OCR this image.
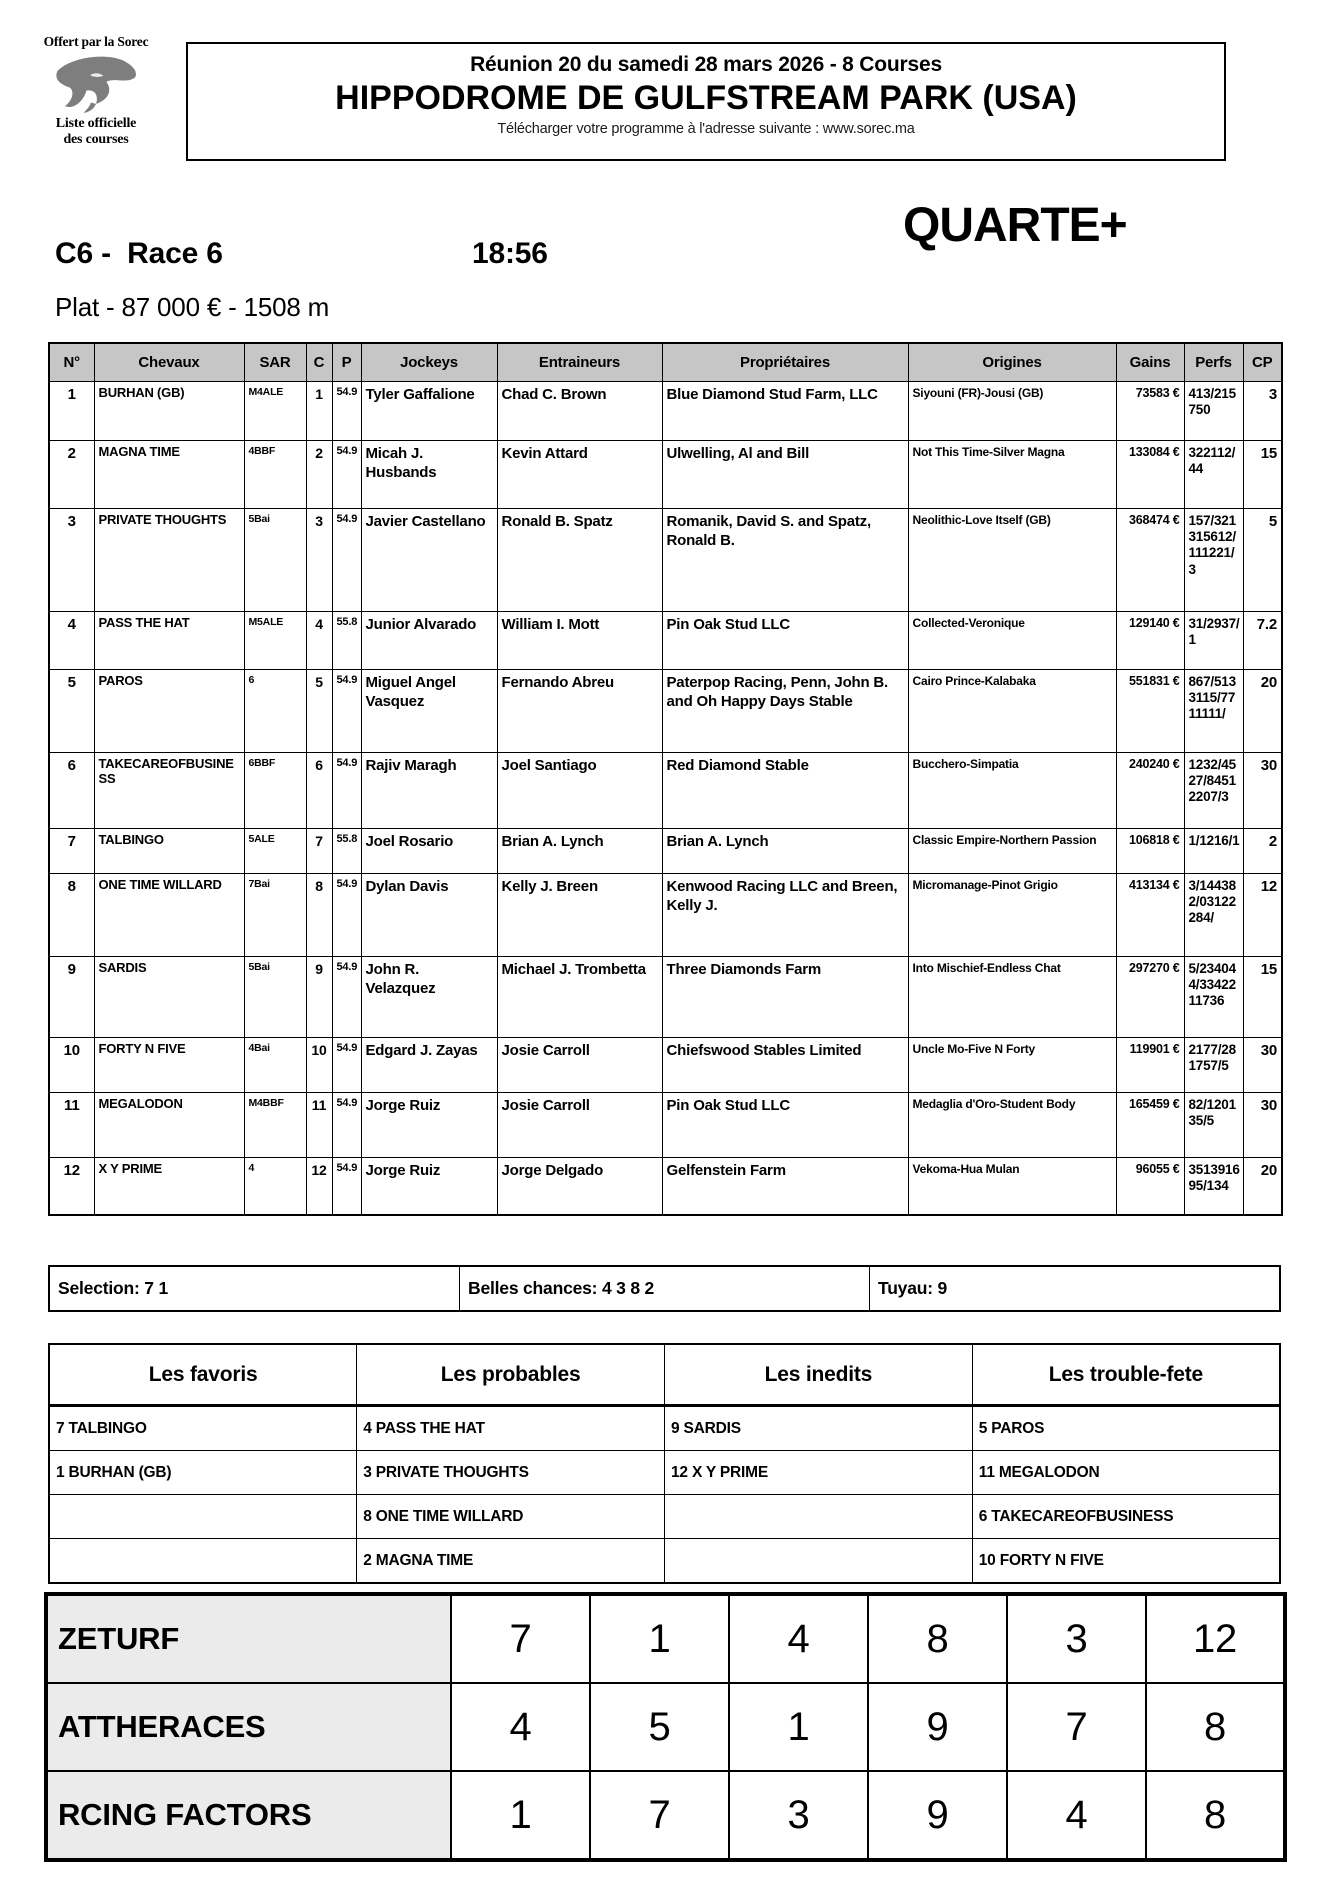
Offert par la Sorec
Liste officielle
des courses
Réunion 20 du samedi 28 mars 2026 - 8 Courses
HIPPODROME DE GULFSTREAM PARK (USA)
Télécharger votre programme à l'adresse suivante : www.sorec.ma
QUARTE+
C6 -  Race 6	18:56
Plat - 87 000 € - 1508 m
N°	Chevaux	SAR	C	P	Jockeys	Entraineurs	Propriétaires	Origines	Gains	Perfs	CP
1	BURHAN (GB)	M4ALE	1	54.9	Tyler Gaffalione	Chad C. Brown	Blue Diamond Stud Farm, LLC	Siyouni (FR)-Jousi (GB)	73583 €	413/215 750	3
2	MAGNA TIME	4BBF	2	54.9	Micah J. Husbands	Kevin Attard	Ulwelling, Al and Bill	Not This Time-Silver Magna	133084 €	322112/ 44	15
3	PRIVATE THOUGHTS	5Bai	3	54.9	Javier Castellano	Ronald B. Spatz	Romanik, David S. and Spatz, Ronald B.	Neolithic-Love Itself (GB)	368474 €	157/321 315612/ 111221/ 3	5
4	PASS THE HAT	M5ALE	4	55.8	Junior Alvarado	William I. Mott	Pin Oak Stud LLC	Collected-Veronique	129140 €	31/2937/ 1	7.2
5	PAROS	6	5	54.9	Miguel Angel Vasquez	Fernando Abreu	Paterpop Racing, Penn, John B. and Oh Happy Days Stable	Cairo Prince-Kalabaka	551831 €	867/513 3115/77 11111/	20
6	TAKECAREOFBUSINESS	6BBF	6	54.9	Rajiv Maragh	Joel Santiago	Red Diamond Stable	Bucchero-Simpatia	240240 €	1232/45 27/8451 2207/3	30
7	TALBINGO	5ALE	7	55.8	Joel Rosario	Brian A. Lynch	Brian A. Lynch	Classic Empire-Northern Passion	106818 €	1/1216/1	2
8	ONE TIME WILLARD	7Bai	8	54.9	Dylan Davis	Kelly J. Breen	Kenwood Racing LLC and Breen, Kelly J.	Micromanage-Pinot Grigio	413134 €	3/14438 2/03122 284/	12
9	SARDIS	5Bai	9	54.9	John R. Velazquez	Michael J. Trombetta	Three Diamonds Farm	Into Mischief-Endless Chat	297270 €	5/23404 4/33422 11736	15
10	FORTY N FIVE	4Bai	10	54.9	Edgard J. Zayas	Josie Carroll	Chiefswood Stables Limited	Uncle Mo-Five N Forty	119901 €	2177/28 1757/5	30
11	MEGALODON	M4BBF	11	54.9	Jorge Ruiz	Josie Carroll	Pin Oak Stud LLC	Medaglia d'Oro-Student Body	165459 €	82/1201 35/5	30
12	X Y PRIME	4	12	54.9	Jorge Ruiz	Jorge Delgado	Gelfenstein Farm	Vekoma-Hua Mulan	96055 €	3513916 95/134	20
Selection: 7 1	Belles chances: 4 3 8 2	Tuyau: 9
Les favoris	Les probables	Les inedits	Les trouble-fete
7 TALBINGO	4 PASS THE HAT	9 SARDIS	5 PAROS
1 BURHAN (GB)	3 PRIVATE THOUGHTS	12 X Y PRIME	11 MEGALODON
	8 ONE TIME WILLARD		6 TAKECAREOFBUSINESS
	2 MAGNA TIME		10 FORTY N FIVE
ZETURF	7	1	4	8	3	12
ATTHERACES	4	5	1	9	7	8
RCING FACTORS	1	7	3	9	4	8
